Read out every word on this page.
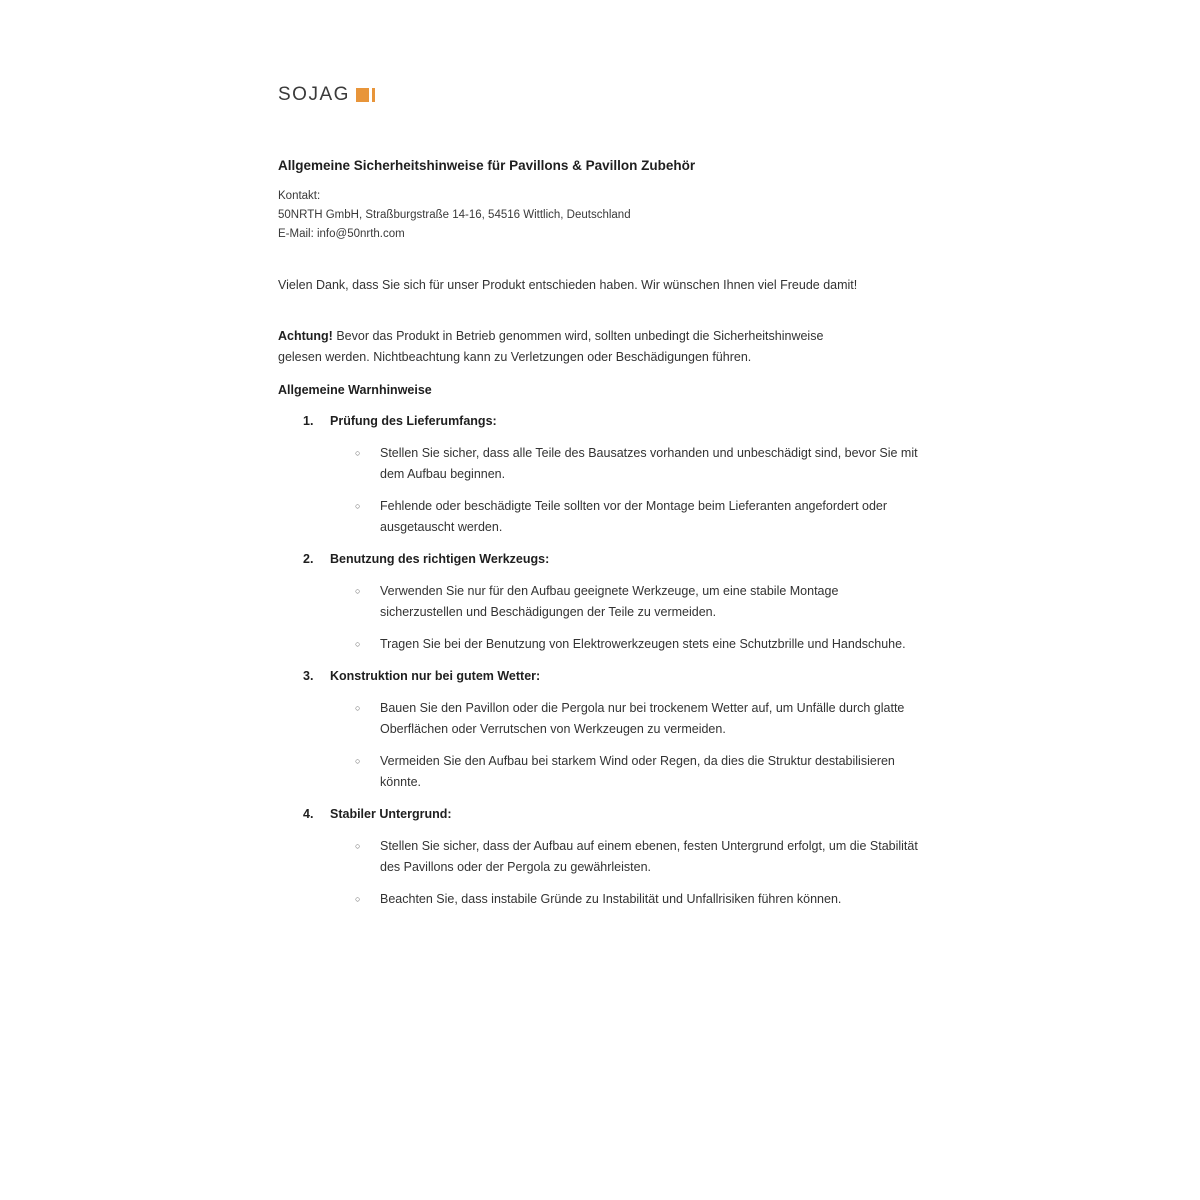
SOJAG
Allgemeine Sicherheitshinweise für Pavillons & Pavillon Zubehör
Kontakt:
50NRTH GmbH, Straßburgstraße 14-16, 54516 Wittlich, Deutschland
E-Mail: info@50nrth.com
Vielen Dank, dass Sie sich für unser Produkt entschieden haben. Wir wünschen Ihnen viel Freude damit!
Achtung! Bevor das Produkt in Betrieb genommen wird, sollten unbedingt die Sicherheitshinweise gelesen werden. Nichtbeachtung kann zu Verletzungen oder Beschädigungen führen.
Allgemeine Warnhinweise
1.	Prüfung des Lieferumfangs:
○	Stellen Sie sicher, dass alle Teile des Bausatzes vorhanden und unbeschädigt sind, bevor Sie mit dem Aufbau beginnen.
○	Fehlende oder beschädigte Teile sollten vor der Montage beim Lieferanten angefordert oder ausgetauscht werden.
2.	Benutzung des richtigen Werkzeugs:
○	Verwenden Sie nur für den Aufbau geeignete Werkzeuge, um eine stabile Montage sicherzustellen und Beschädigungen der Teile zu vermeiden.
○	Tragen Sie bei der Benutzung von Elektrowerkzeugen stets eine Schutzbrille und Handschuhe.
3.	Konstruktion nur bei gutem Wetter:
○	Bauen Sie den Pavillon oder die Pergola nur bei trockenem Wetter auf, um Unfälle durch glatte Oberflächen oder Verrutschen von Werkzeugen zu vermeiden.
○	Vermeiden Sie den Aufbau bei starkem Wind oder Regen, da dies die Struktur destabilisieren könnte.
4.	Stabiler Untergrund:
○	Stellen Sie sicher, dass der Aufbau auf einem ebenen, festen Untergrund erfolgt, um die Stabilität des Pavillons oder der Pergola zu gewährleisten.
○	Beachten Sie, dass instabile Gründe zu Instabilität und Unfallrisiken führen können.
